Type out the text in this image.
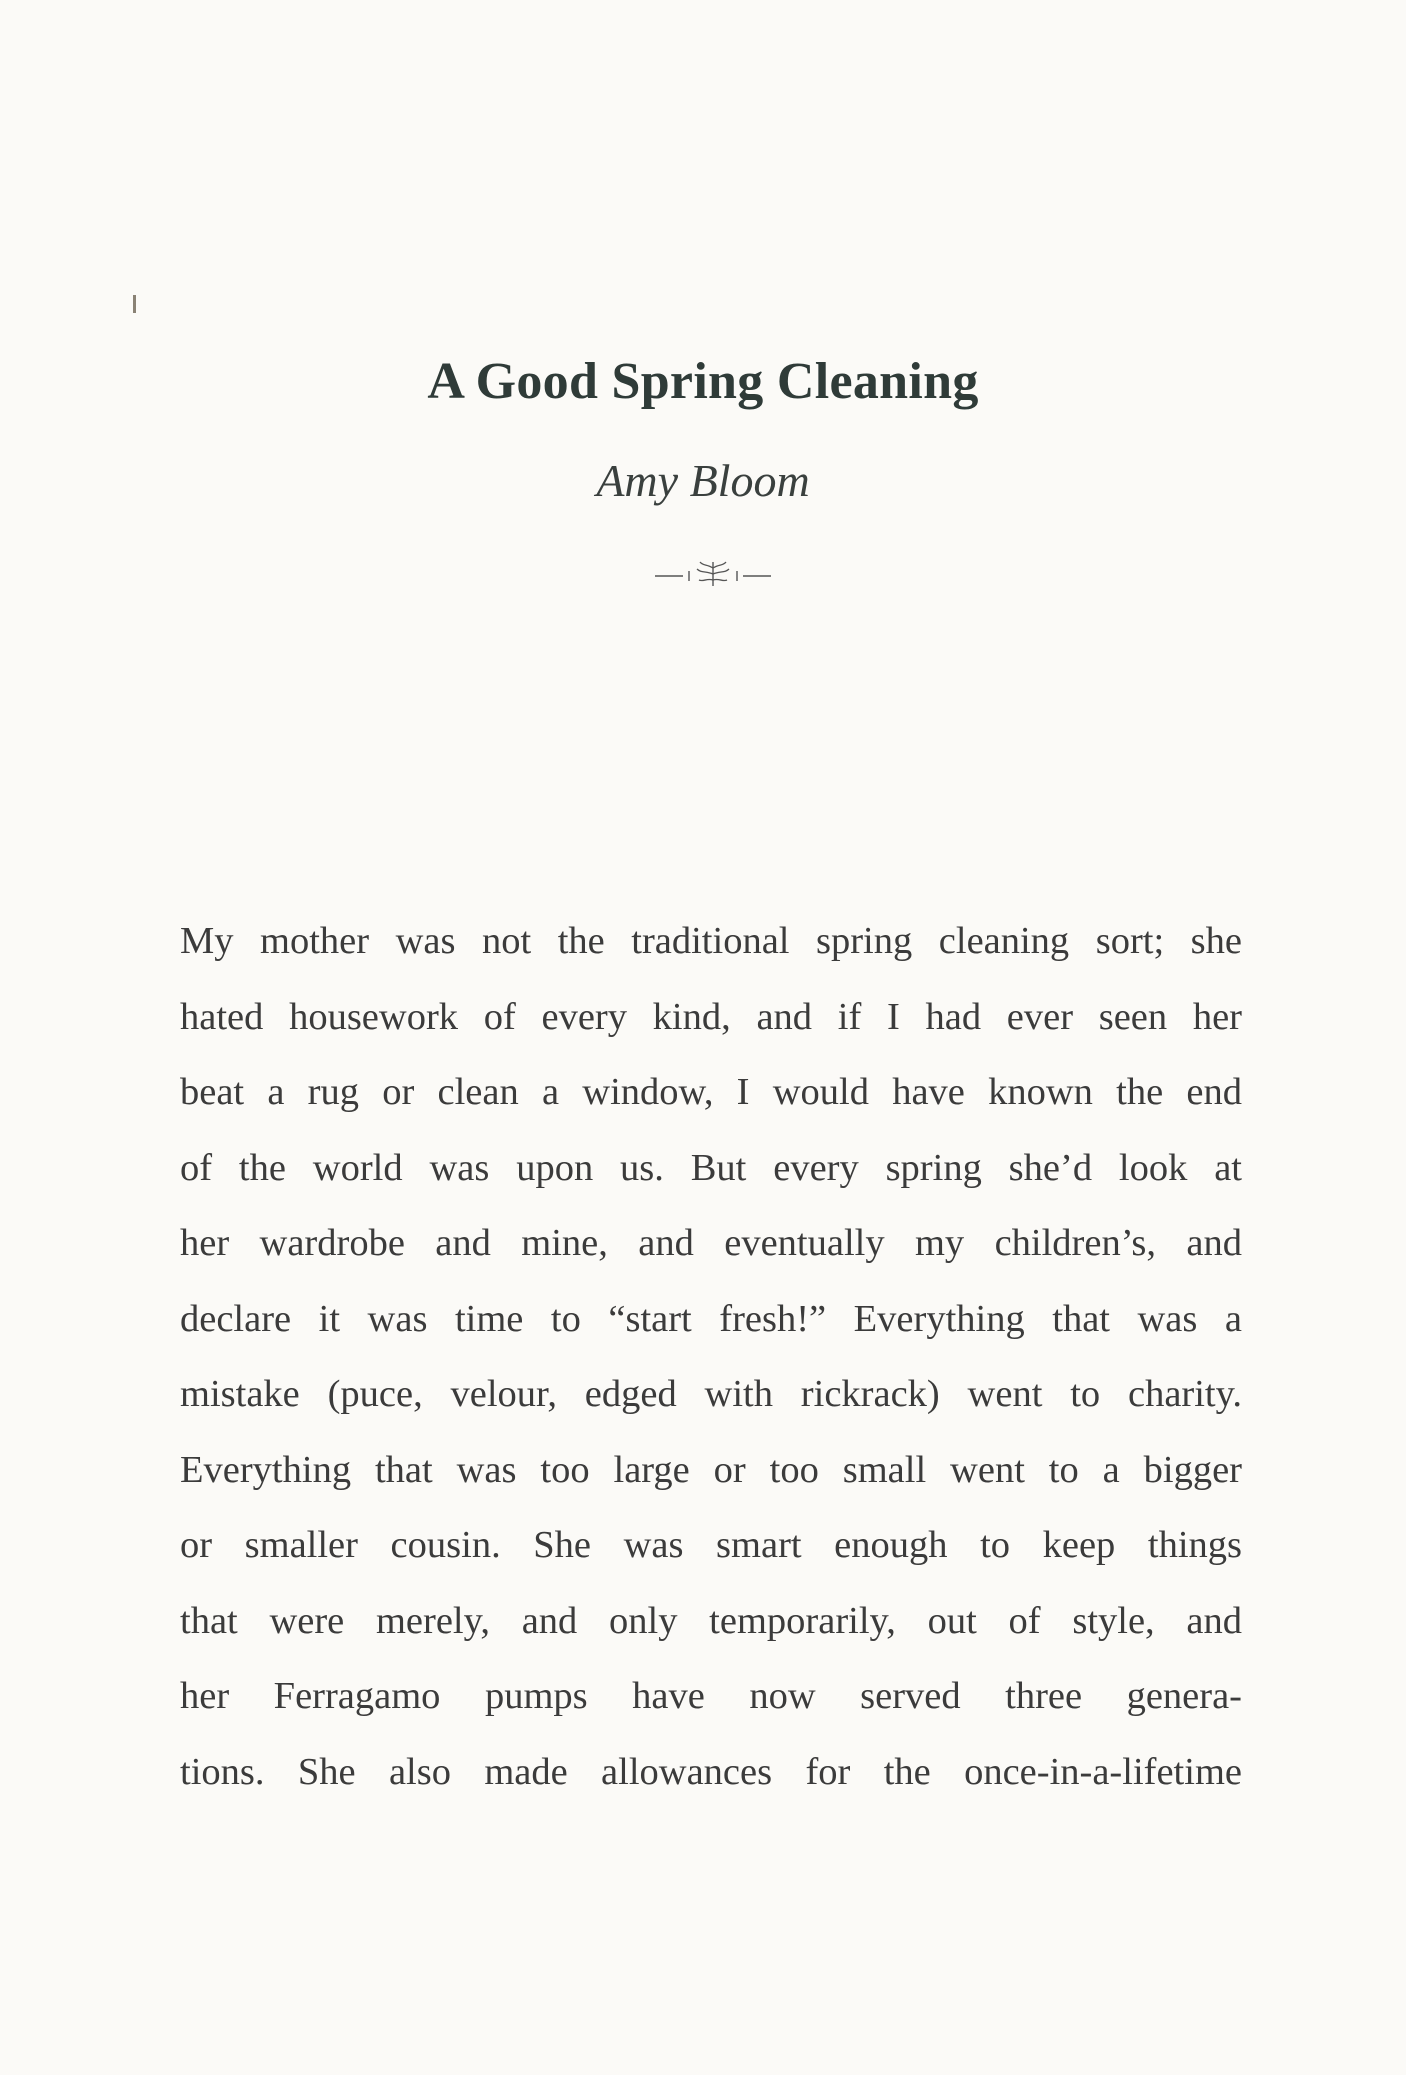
A Good Spring Cleaning
Amy Bloom
My mother was not the traditional spring cleaning sort; she
hated housework of every kind, and if I had ever seen her
beat a rug or clean a window, I would have known the end
of the world was upon us. But every spring she’d look at
her wardrobe and mine, and eventually my children’s, and
declare it was time to “start fresh!” Everything that was a
mistake (puce, velour, edged with rickrack) went to charity.
Everything that was too large or too small went to a bigger
or smaller cousin. She was smart enough to keep things
that were merely, and only temporarily, out of style, and
her Ferragamo pumps have now served three genera-
tions. She also made allowances for the once-in-a-lifetime
